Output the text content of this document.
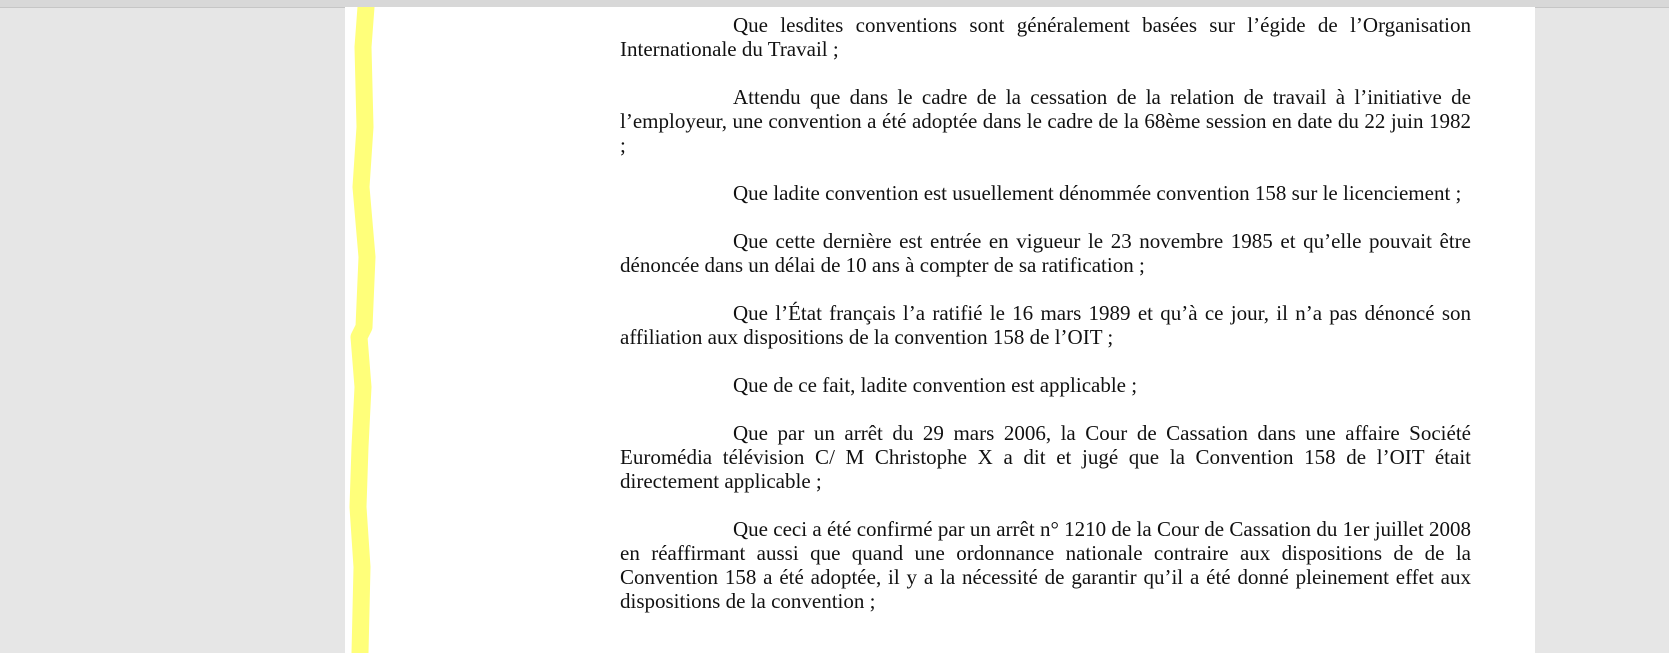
Que lesdites conventions sont généralement basées sur l’égide de l’Organisation Internationale du Travail ;

Attendu que dans le cadre de la cessation de la relation de travail à l’initiative de l’employeur, une convention a été adoptée dans le cadre de la 68ème session en date du 22 juin 1982 ;

Que ladite convention est usuellement dénommée convention 158 sur le licenciement ;

Que cette dernière est entrée en vigueur le 23 novembre 1985 et qu’elle pouvait être dénoncée dans un délai de 10 ans à compter de sa ratification ;

Que l’État français l’a ratifié le 16 mars 1989 et qu’à ce jour, il n’a pas dénoncé son affiliation aux dispositions de la convention 158 de l’OIT ;

Que de ce fait, ladite convention est applicable ;

Que par un arrêt du 29 mars 2006, la Cour de Cassation dans une affaire Société Euromédia télévision C/ M Christophe X a dit et jugé que la Convention 158 de l’OIT était directement applicable ;

Que ceci a été confirmé par un arrêt n° 1210 de la Cour de Cassation du 1er juillet 2008 en réaffirmant aussi que quand une ordonnance nationale contraire aux dispositions de de la Convention 158 a été adoptée, il y a la nécessité de garantir qu’il a été donné pleinement effet aux dispositions de la convention ;
